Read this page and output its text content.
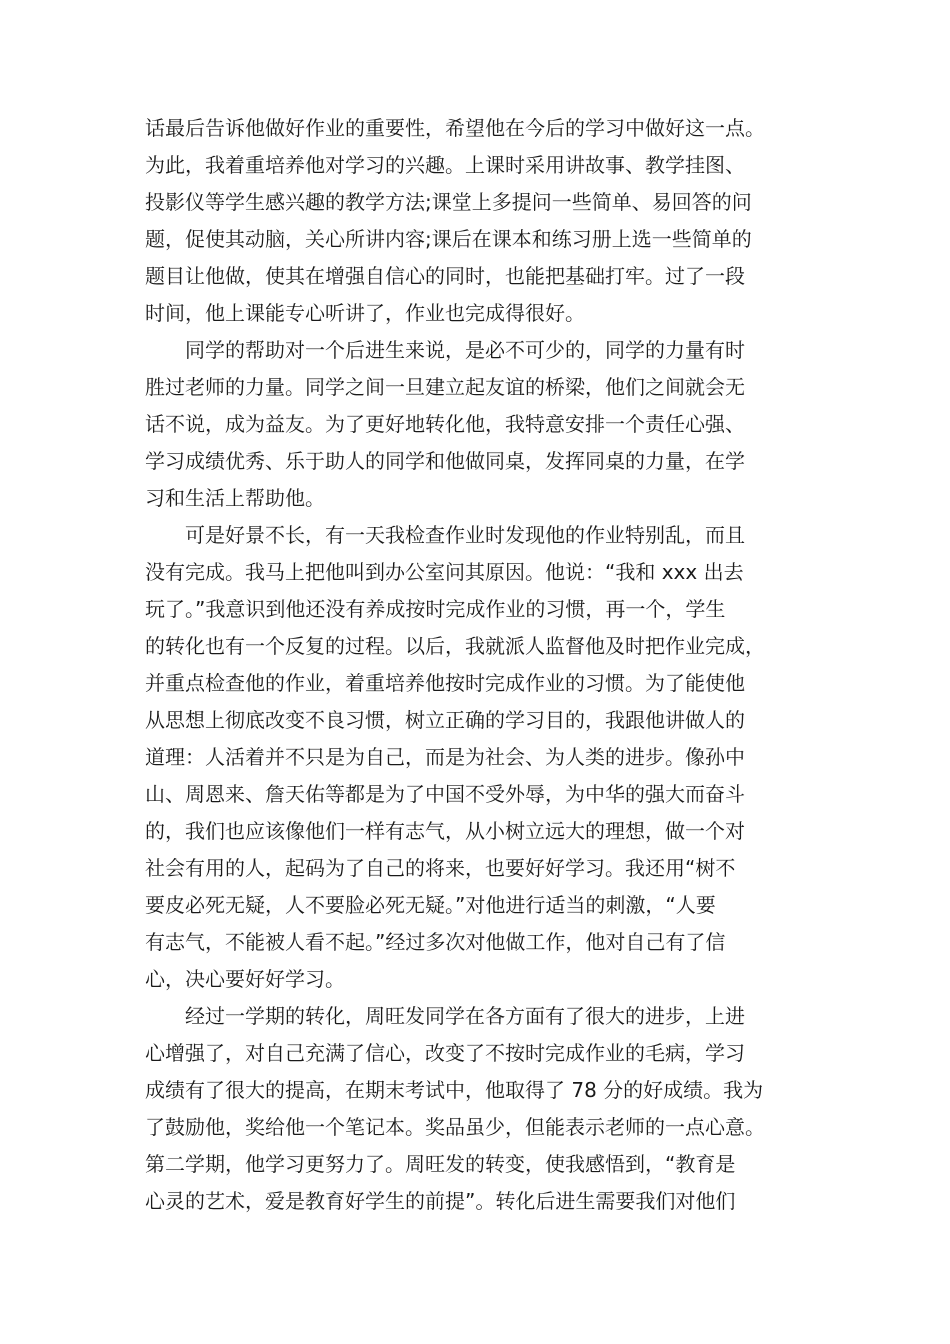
话最后告诉他做好作业的重要性，希望他在今后的学习中做好这一点。
为此，我着重培养他对学习的兴趣。上课时采用讲故事、教学挂图、
投影仪等学生感兴趣的教学方法;课堂上多提问一些简单、易回答的问
题，促使其动脑，关心所讲内容;课后在课本和练习册上选一些简单的
题目让他做，使其在增强自信心的同时，也能把基础打牢。过了一段
时间，他上课能专心听讲了，作业也完成得很好。
　　同学的帮助对一个后进生来说，是必不可少的，同学的力量有时
胜过老师的力量。同学之间一旦建立起友谊的桥梁，他们之间就会无
话不说，成为益友。为了更好地转化他，我特意安排一个责任心强、
学习成绩优秀、乐于助人的同学和他做同桌，发挥同桌的力量，在学
习和生活上帮助他。
　　可是好景不长，有一天我检查作业时发现他的作业特别乱，而且
没有完成。我马上把他叫到办公室问其原因。他说：“我和 xxx 出去
玩了。”我意识到他还没有养成按时完成作业的习惯，再一个，学生
的转化也有一个反复的过程。以后，我就派人监督他及时把作业完成，
并重点检查他的作业，着重培养他按时完成作业的习惯。为了能使他
从思想上彻底改变不良习惯，树立正确的学习目的，我跟他讲做人的
道理：人活着并不只是为自己，而是为社会、为人类的进步。像孙中
山、周恩来、詹天佑等都是为了中国不受外辱，为中华的强大而奋斗
的，我们也应该像他们一样有志气，从小树立远大的理想，做一个对
社会有用的人，起码为了自己的将来，也要好好学习。我还用“树不
要皮必死无疑，人不要脸必死无疑。”对他进行适当的刺激，“人要
有志气，不能被人看不起。”经过多次对他做工作，他对自己有了信
心，决心要好好学习。
　　经过一学期的转化，周旺发同学在各方面有了很大的进步，上进
心增强了，对自己充满了信心，改变了不按时完成作业的毛病，学习
成绩有了很大的提高，在期末考试中，他取得了 78 分的好成绩。我为
了鼓励他，奖给他一个笔记本。奖品虽少，但能表示老师的一点心意。
第二学期，他学习更努力了。周旺发的转变，使我感悟到，“教育是
心灵的艺术，爱是教育好学生的前提”。转化后进生需要我们对他们
